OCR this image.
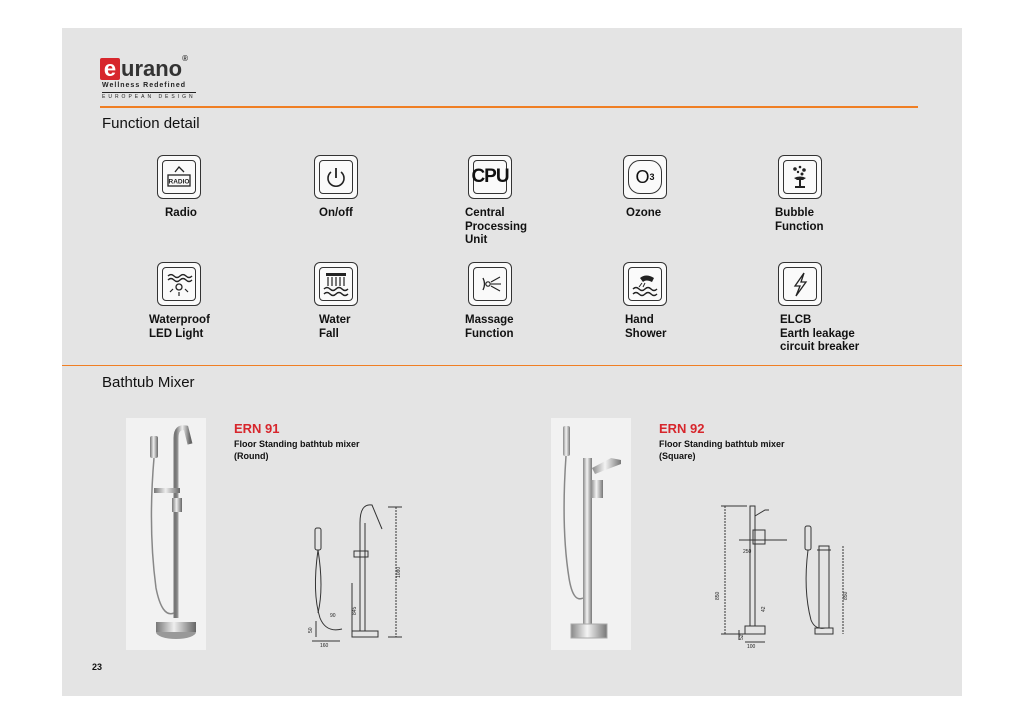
e urano®
Wellness Redefined
EUROPEAN DESIGN
Function detail
RADIO
Radio	On/off
CPU
Central
Processing
Unit
O 3
Ozone	Bubble
Function
Waterproof
LED Light
Water
Fall
Massage
Function
Hand
Shower
ELCB
Earth leakage
circuit breaker
Bathtub Mixer
ERN 91
Floor Standing bathtub mixer
(Round)
1080
845
160
50
90
ERN 92
Floor Standing bathtub mixer
(Square)
850
250
850
42
100
52
23
